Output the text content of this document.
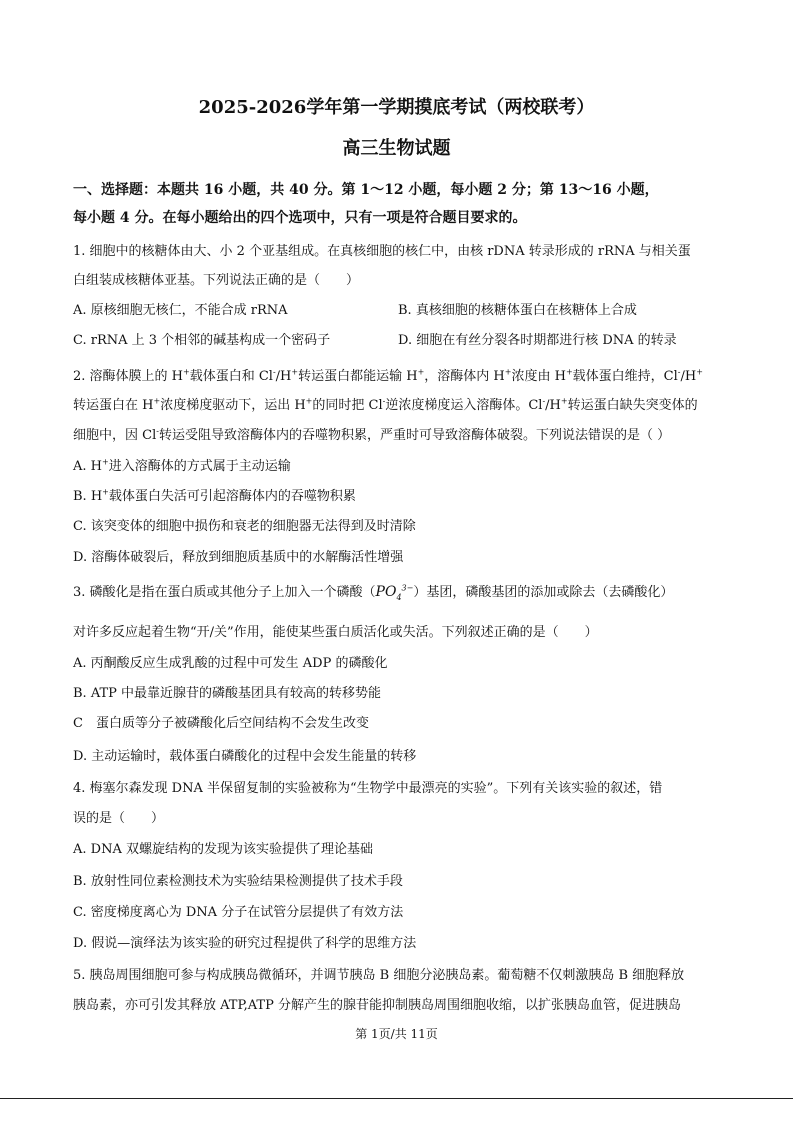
2025-2026学年第一学期摸底考试（两校联考）
高三生物试题
一、选择题：本题共 16 小题，共 40 分。第 1～12 小题，每小题 2 分；第 13～16 小题，
每小题 4 分。在每小题给出的四个选项中，只有一项是符合题目要求的。
1. 细胞中的核糖体由大、小 2 个亚基组成。在真核细胞的核仁中，由核 rDNA 转录形成的 rRNA 与相关蛋
白组装成核糖体亚基。下列说法正确的是（　　）
A. 原核细胞无核仁，不能合成 rRNA	B. 真核细胞的核糖体蛋白在核糖体上合成
C. rRNA 上 3 个相邻的碱基构成一个密码子	D. 细胞在有丝分裂各时期都进行核 DNA 的转录
2. 溶酶体膜上的 H+载体蛋白和 Cl-/H+转运蛋白都能运输 H+，溶酶体内 H+浓度由 H+载体蛋白维持，Cl-/H+
转运蛋白在 H+浓度梯度驱动下，运出 H+的同时把 Cl-逆浓度梯度运入溶酶体。Cl-/H+转运蛋白缺失突变体的
细胞中，因 Cl-转运受阻导致溶酶体内的吞噬物积累，严重时可导致溶酶体破裂。下列说法错误的是（ ）
A. H+进入溶酶体的方式属于主动运输
B. H+载体蛋白失活可引起溶酶体内的吞噬物积累
C. 该突变体的细胞中损伤和衰老的细胞器无法得到及时清除
D. 溶酶体破裂后，释放到细胞质基质中的水解酶活性增强
3. 磷酸化是指在蛋白质或其他分子上加入一个磷酸$(PO_4^{3-})$基团，磷酸基团的添加或除去（去磷酸化）
对许多反应起着生物“开/关”作用，能使某些蛋白质活化或失活。下列叙述正确的是（　　）
A. 丙酮酸反应生成乳酸的过程中可发生 ADP 的磷酸化
B. ATP 中最靠近腺苷的磷酸基团具有较高的转移势能
C　蛋白质等分子被磷酸化后空间结构不会发生改变
D. 主动运输时，载体蛋白磷酸化的过程中会发生能量的转移
4. 梅塞尔森发现 DNA 半保留复制的实验被称为“生物学中最漂亮的实验”。下列有关该实验的叙述，错
误的是（　　）
A. DNA 双螺旋结构的发现为该实验提供了理论基础
B. 放射性同位素检测技术为实验结果检测提供了技术手段
C. 密度梯度离心为 DNA 分子在试管分层提供了有效方法
D. 假说—演绎法为该实验的研究过程提供了科学的思维方法
5. 胰岛周围细胞可参与构成胰岛微循环，并调节胰岛 B 细胞分泌胰岛素。葡萄糖不仅刺激胰岛 B 细胞释放
胰岛素，亦可引发其释放 ATP,ATP 分解产生的腺苷能抑制胰岛周围细胞收缩，以扩张胰岛血管，促进胰岛
第 1页/共 11页
